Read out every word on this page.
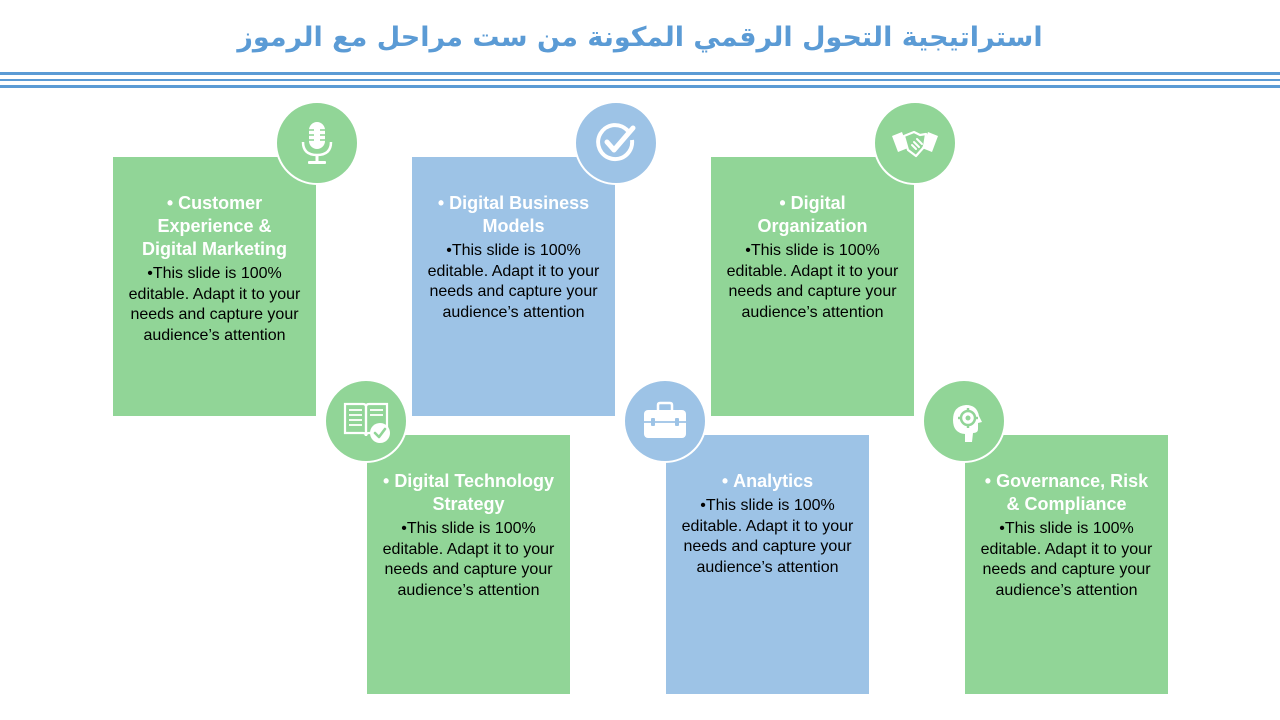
استراتيجية التحول الرقمي المكونة من ست مراحل مع الرموز
• Customer Experience & Digital Marketing
•This slide is 100% editable. Adapt it to your needs and capture your audience’s attention
• Digital Business Models
•This slide is 100% editable. Adapt it to your needs and capture your audience’s attention
• Digital Organization
•This slide is 100% editable. Adapt it to your needs and capture your audience’s attention
• Digital Technology Strategy
•This slide is 100% editable. Adapt it to your needs and capture your audience’s attention
• Analytics
•This slide is 100% editable. Adapt it to your needs and capture your audience’s attention
• Governance, Risk & Compliance
•This slide is 100% editable. Adapt it to your needs and capture your audience’s attention
